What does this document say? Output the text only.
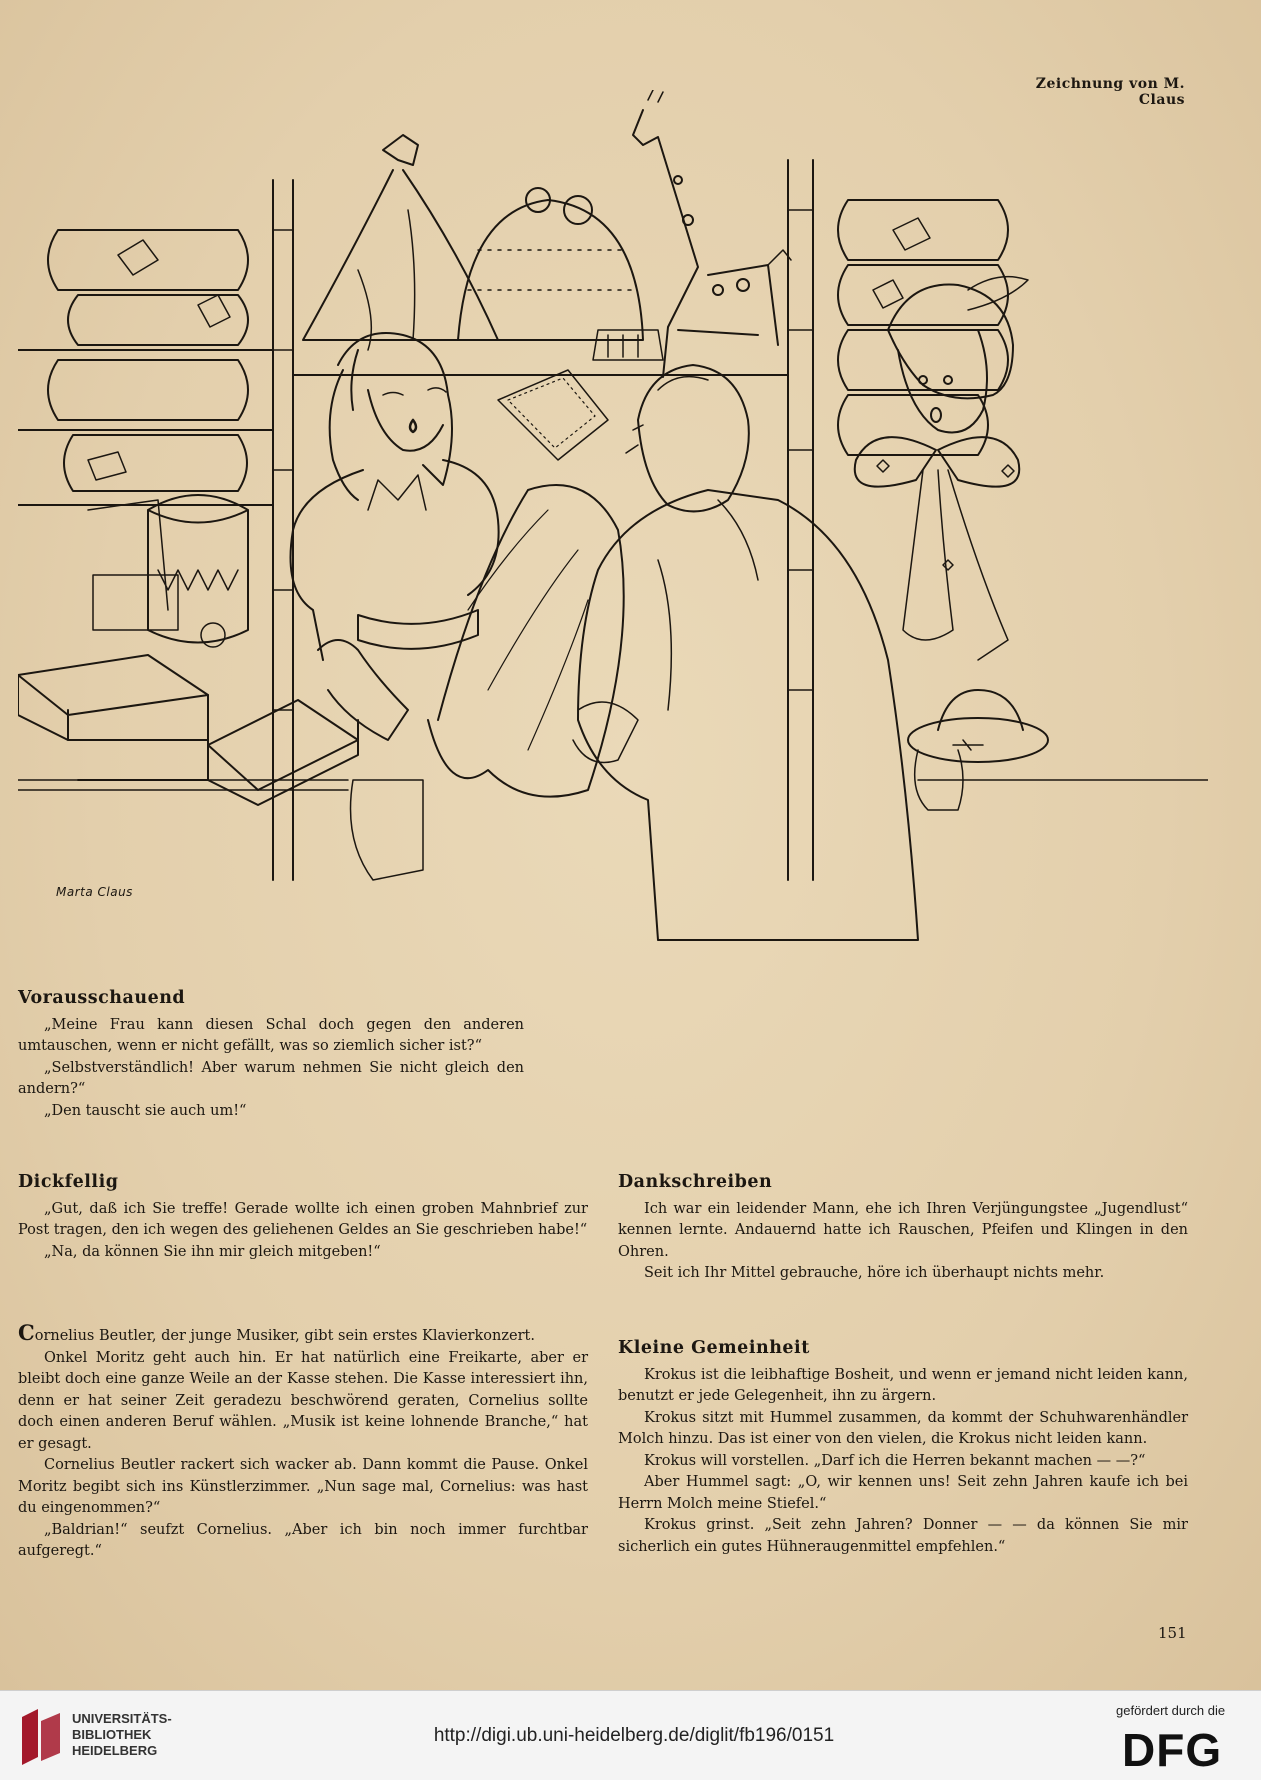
Zeichnung von M. Claus
Marta Claus

Vorausschauend

„Meine Frau kann diesen Schal doch gegen den anderen umtauschen, wenn er nicht gefällt, was so ziemlich sicher ist?“

„Selbstverständlich! Aber warum nehmen Sie nicht gleich den andern?“

„Den tauscht sie auch um!“

Dickfellig

„Gut, daß ich Sie treffe! Gerade wollte ich einen groben Mahnbrief zur Post tragen, den ich wegen des geliehenen Geldes an Sie geschrieben habe!“

„Na, da können Sie ihn mir gleich mitgeben!“

Cornelius Beutler, der junge Musiker, gibt sein erstes Klavierkonzert.

Onkel Moritz geht auch hin. Er hat natürlich eine Freikarte, aber er bleibt doch eine ganze Weile an der Kasse stehen. Die Kasse interessiert ihn, denn er hat seiner Zeit geradezu beschwörend geraten, Cornelius sollte doch einen anderen Beruf wählen. „Musik ist keine lohnende Branche,“ hat er gesagt.

Cornelius Beutler rackert sich wacker ab. Dann kommt die Pause. Onkel Moritz begibt sich ins Künstlerzimmer. „Nun sage mal, Cornelius: was hast du eingenommen?“

„Baldrian!“ seufzt Cornelius. „Aber ich bin noch immer furchtbar aufgeregt.“

Dankschreiben

Ich war ein leidender Mann, ehe ich Ihren Verjüngungstee „Jugendlust“ kennen lernte. Andauernd hatte ich Rauschen, Pfeifen und Klingen in den Ohren.

Seit ich Ihr Mittel gebrauche, höre ich überhaupt nichts mehr.

Kleine Gemeinheit

Krokus ist die leibhaftige Bosheit, und wenn er jemand nicht leiden kann, benutzt er jede Gelegenheit, ihn zu ärgern.

Krokus sitzt mit Hummel zusammen, da kommt der Schuhwarenhändler Molch hinzu. Das ist einer von den vielen, die Krokus nicht leiden kann.

Krokus will vorstellen. „Darf ich die Herren bekannt machen — —?“

Aber Hummel sagt: „O, wir kennen uns! Seit zehn Jahren kaufe ich bei Herrn Molch meine Stiefel.“

Krokus grinst. „Seit zehn Jahren? Donner — — da können Sie mir sicherlich ein gutes Hühneraugenmittel empfehlen.“

151
UNIVERSITÄTS-
BIBLIOTHEK
HEIDELBERG
http://digi.ub.uni-heidelberg.de/diglit/fb196/0151
gefördert durch die
DFG
